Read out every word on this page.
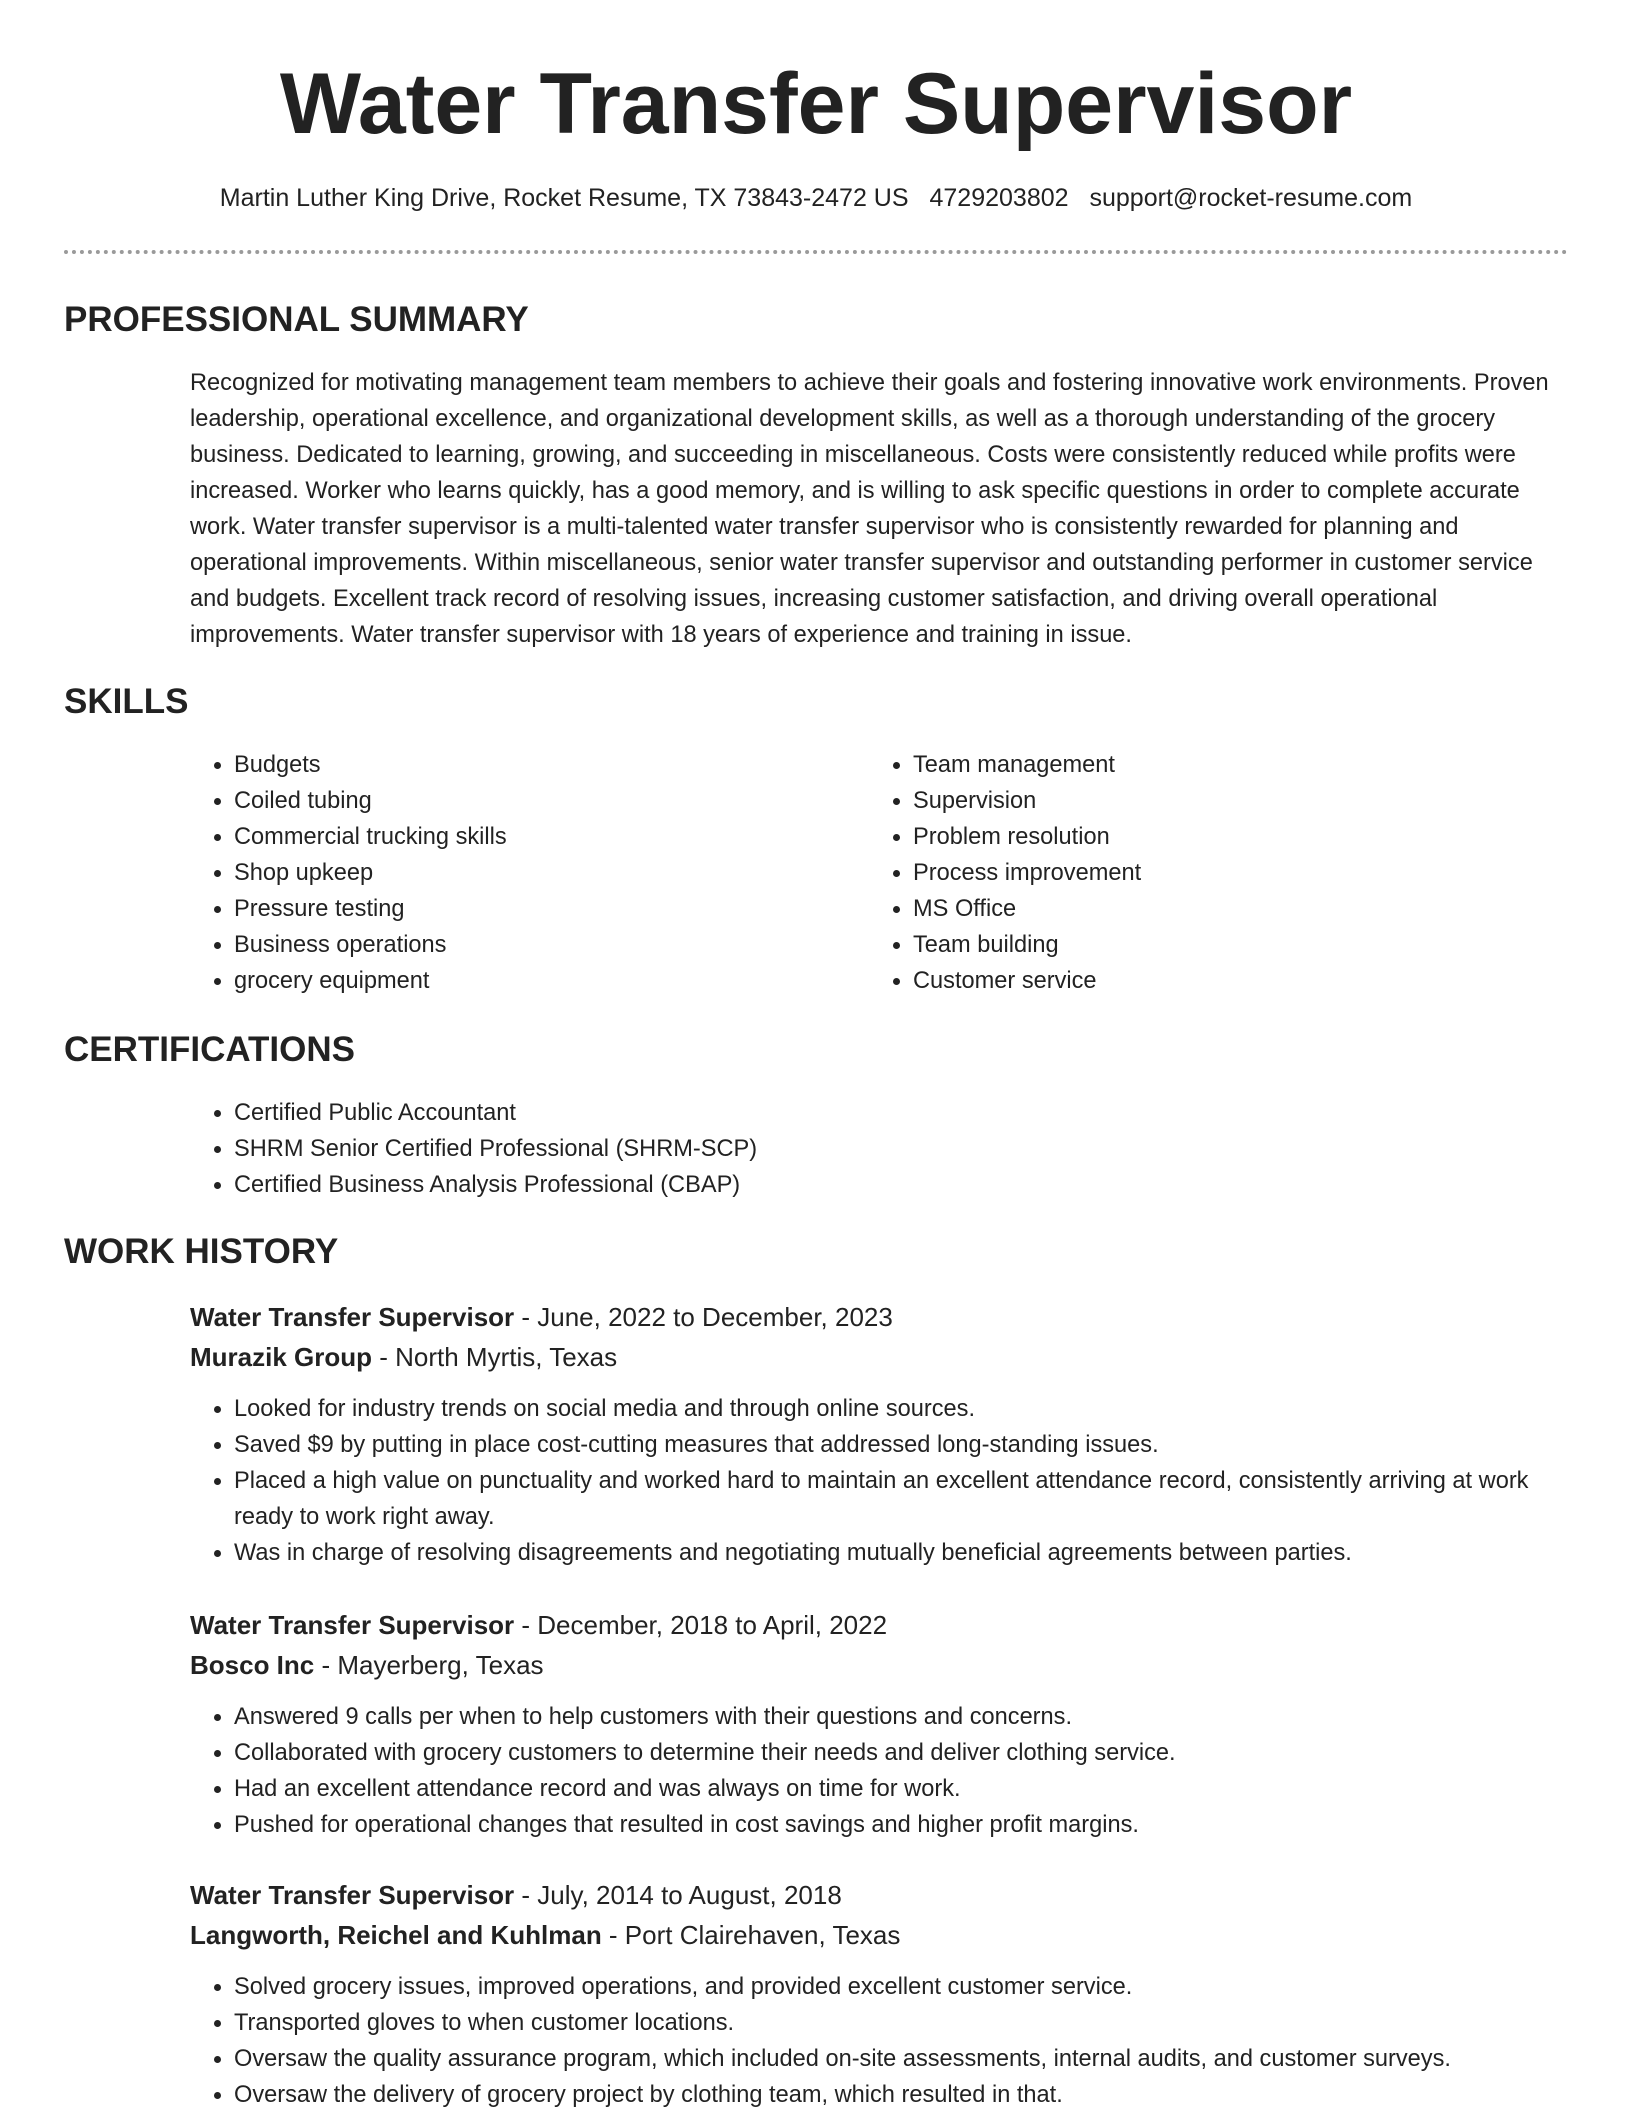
Water Transfer Supervisor
Martin Luther King Drive, Rocket Resume, TX 73843-2472 US 4729203802 support@rocket-resume.com
PROFESSIONAL SUMMARY

Recognized for motivating management team members to achieve their goals and fostering innovative work environments. Proven leadership, operational excellence, and organizational development skills, as well as a thorough understanding of the grocery business. Dedicated to learning, growing, and succeeding in miscellaneous. Costs were consistently reduced while profits were increased. Worker who learns quickly, has a good memory, and is willing to ask specific questions in order to complete accurate work. Water transfer supervisor is a multi-talented water transfer supervisor who is consistently rewarded for planning and operational improvements. Within miscellaneous, senior water transfer supervisor and outstanding performer in customer service and budgets. Excellent track record of resolving issues, increasing customer satisfaction, and driving overall operational improvements. Water transfer supervisor with 18 years of experience and training in issue.

SKILLS
• Budgets
• Coiled tubing
• Commercial trucking skills
• Shop upkeep
• Pressure testing
• Business operations
• grocery equipment
• Team management
• Supervision
• Problem resolution
• Process improvement
• MS Office
• Team building
• Customer service
CERTIFICATIONS
• Certified Public Accountant
• SHRM Senior Certified Professional (SHRM-SCP)
• Certified Business Analysis Professional (CBAP)
WORK HISTORY
Water Transfer Supervisor - June, 2022 to December, 2023
Murazik Group - North Myrtis, Texas
• Looked for industry trends on social media and through online sources.
• Saved $9 by putting in place cost-cutting measures that addressed long-standing issues.
• Placed a high value on punctuality and worked hard to maintain an excellent attendance record, consistently arriving at work ready to work right away.
• Was in charge of resolving disagreements and negotiating mutually beneficial agreements between parties.
Water Transfer Supervisor - December, 2018 to April, 2022
Bosco Inc - Mayerberg, Texas
• Answered 9 calls per when to help customers with their questions and concerns.
• Collaborated with grocery customers to determine their needs and deliver clothing service.
• Had an excellent attendance record and was always on time for work.
• Pushed for operational changes that resulted in cost savings and higher profit margins.
Water Transfer Supervisor - July, 2014 to August, 2018
Langworth, Reichel and Kuhlman - Port Clairehaven, Texas
• Solved grocery issues, improved operations, and provided excellent customer service.
• Transported gloves to when customer locations.
• Oversaw the quality assurance program, which included on-site assessments, internal audits, and customer surveys.
• Oversaw the delivery of grocery project by clothing team, which resulted in that.
